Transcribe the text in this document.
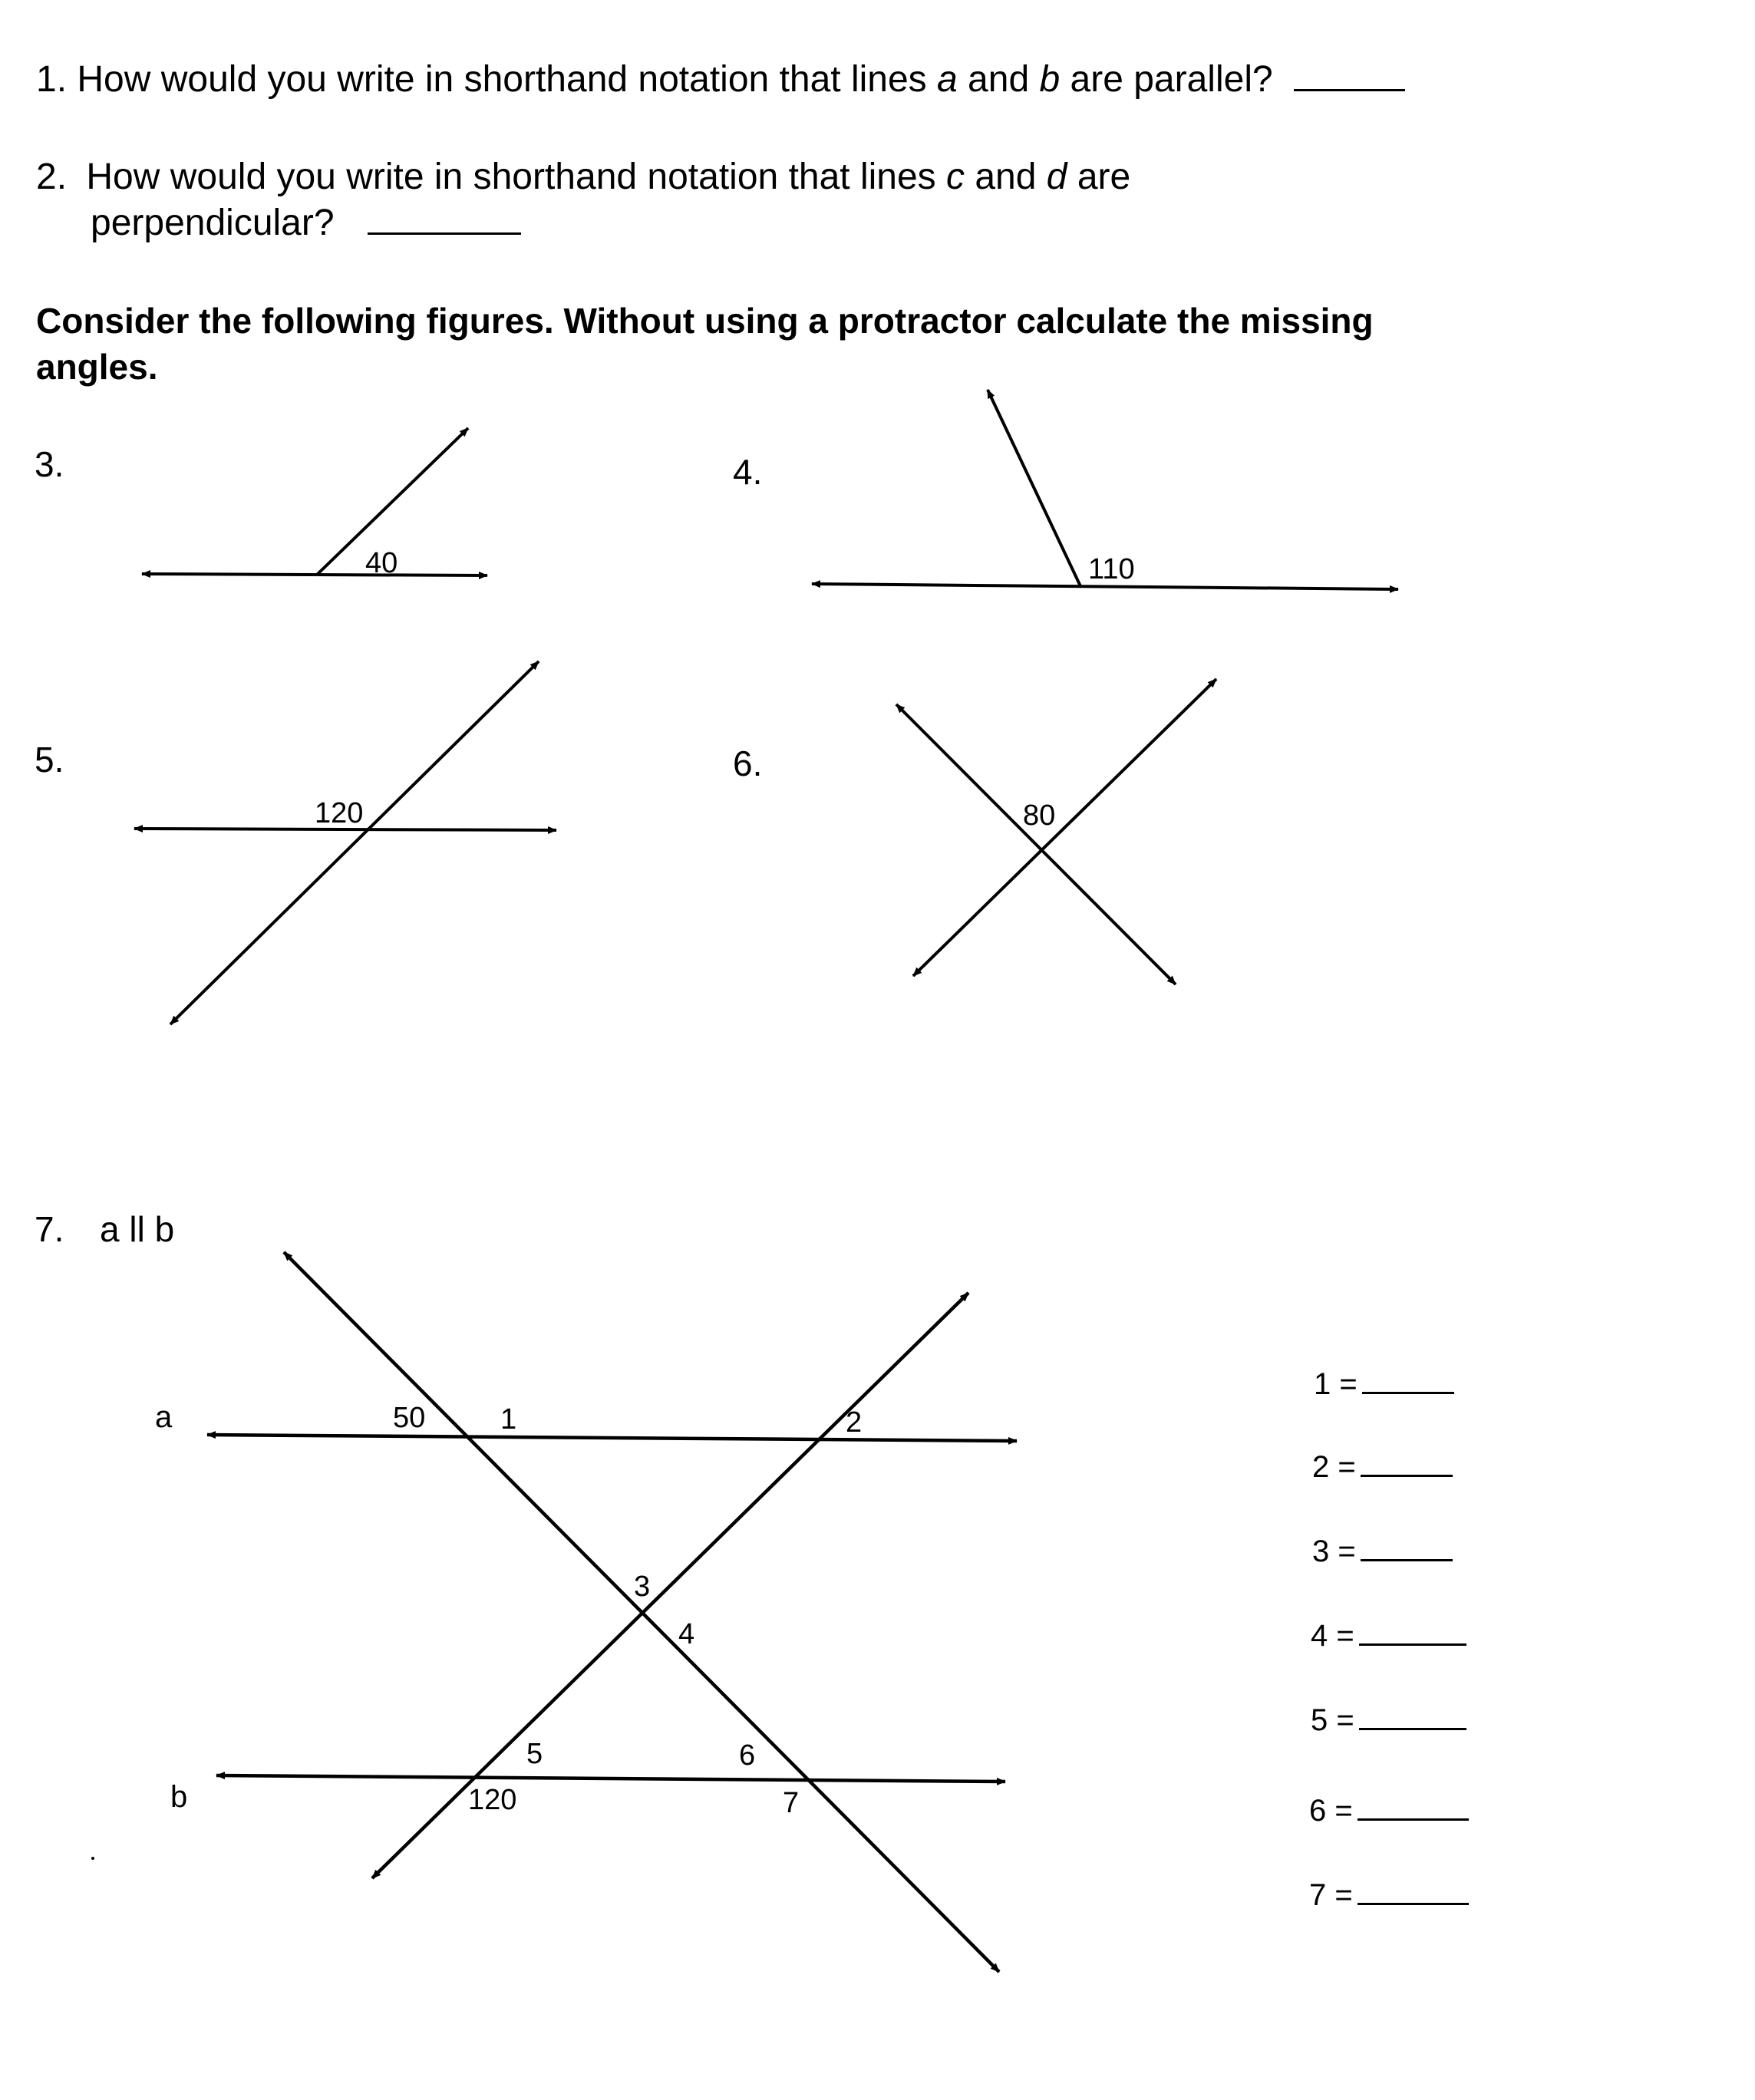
1. How would you write in shorthand notation that lines a and b are parallel?
2. How would you write in shorthand notation that lines c and d are
perpendicular?
Consider the following figures. Without using a protractor calculate the missing
angles.
3.	4.
5.	6.
7. a ll b
40	110
120	80
a
b
50
120
1	2
3
4
5	6
7
1 =
2 =
3 =
4 =
5 =
6 =
7 =
